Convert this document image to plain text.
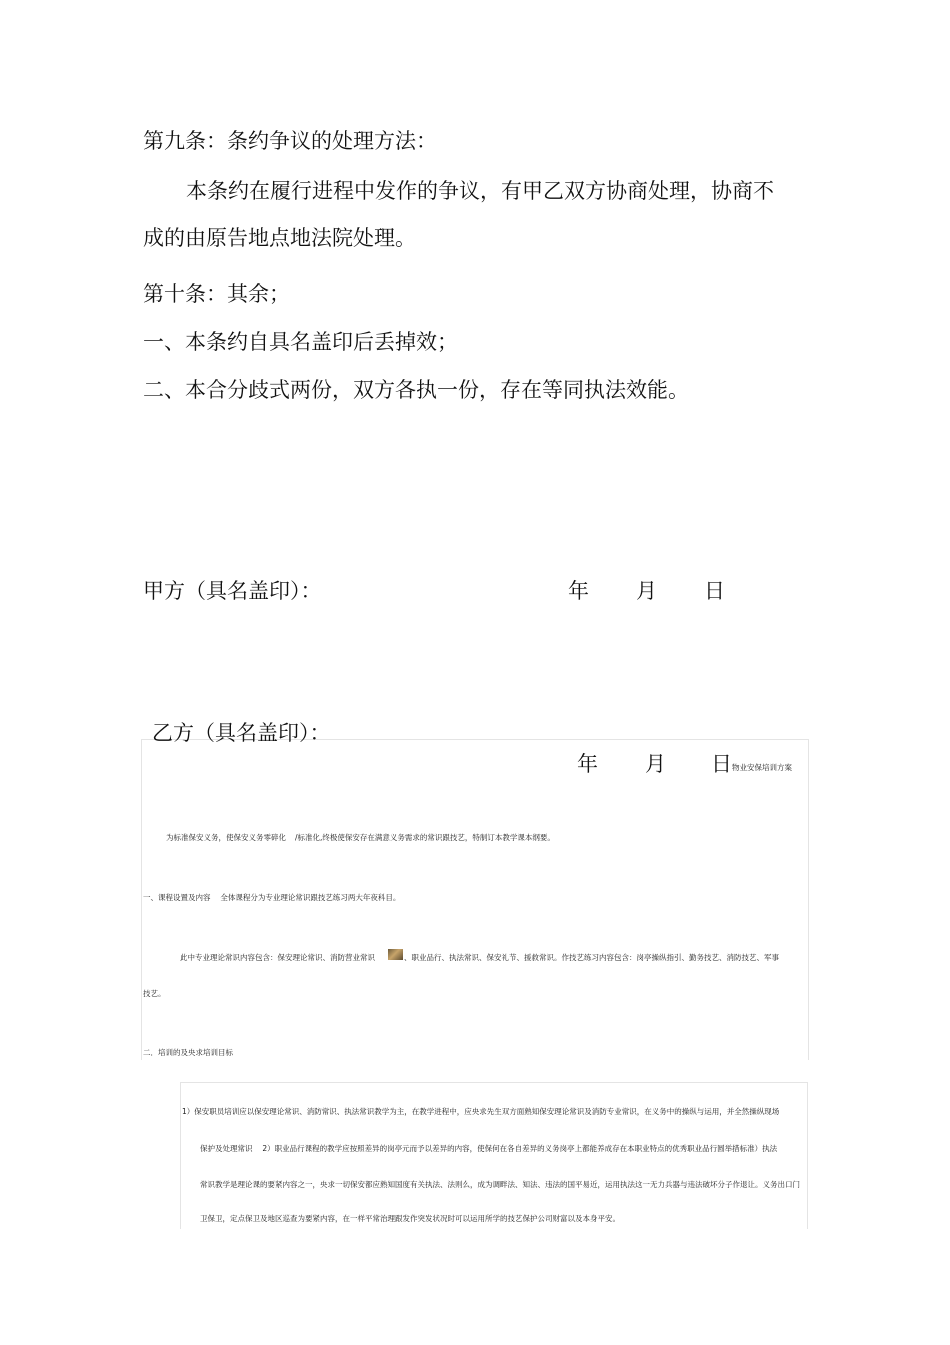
第九条：条约争议的处理方法：
本条约在履行进程中发作的争议，有甲乙双方协商处理，协商不
成的由原告地点地法院处理。
第十条：其余；
一、本条约自具名盖印后丢掉效；
二、本合分歧式两份，双方各执一份，存在等同执法效能。
甲方（具名盖印）：	年 月 日
乙方（具名盖印）：
年 月 日 物业安保培训方案
为标准保安义务，使保安义务零碎化 /标准化,终极使保安存在满意义务需求的常识跟技艺，特制订本教学课本纲要。
一、课程设置及内容　 全体课程分为专业理论常识跟技艺练习两大年夜科目。
此中专业理论常识内容包含：保安理论常识、消防营业常识	、职业品行、执法常识、保安礼节、援救常识。作技艺练习内容包含：岗亭操纵指引、勤务技艺、消防技艺、军事
技艺。
二．培训的及央求培训目标
1）保安职员培训应以保安理论常识、消防常识、执法常识教学为主，在教学进程中，应央求先生双方面熟知保安理论常识及消防专业常识，在义务中的操纵与运用，并全然操纵现场
保护及处理常识　 2）职业品行课程的教学应按照差异的岗亭元而予以差异的内容，使保何在各自差异的义务岗亭上都能养成存在本职业特点的优秀职业品行圆举措标准）执法
常识教学是理论课的要紧内容之一，央求一切保安都应熟知国度有关执法、法则么，成为调畔法、知法、违法的国平易近，运用执法这一无力兵器与违法破坏分子作退让。义务出口门
卫保卫，定点保卫及地区巡查为要紧内容，在一样平常治理跟发作突发状况时可以运用所学的技艺保护公司财富以及本身平安。
